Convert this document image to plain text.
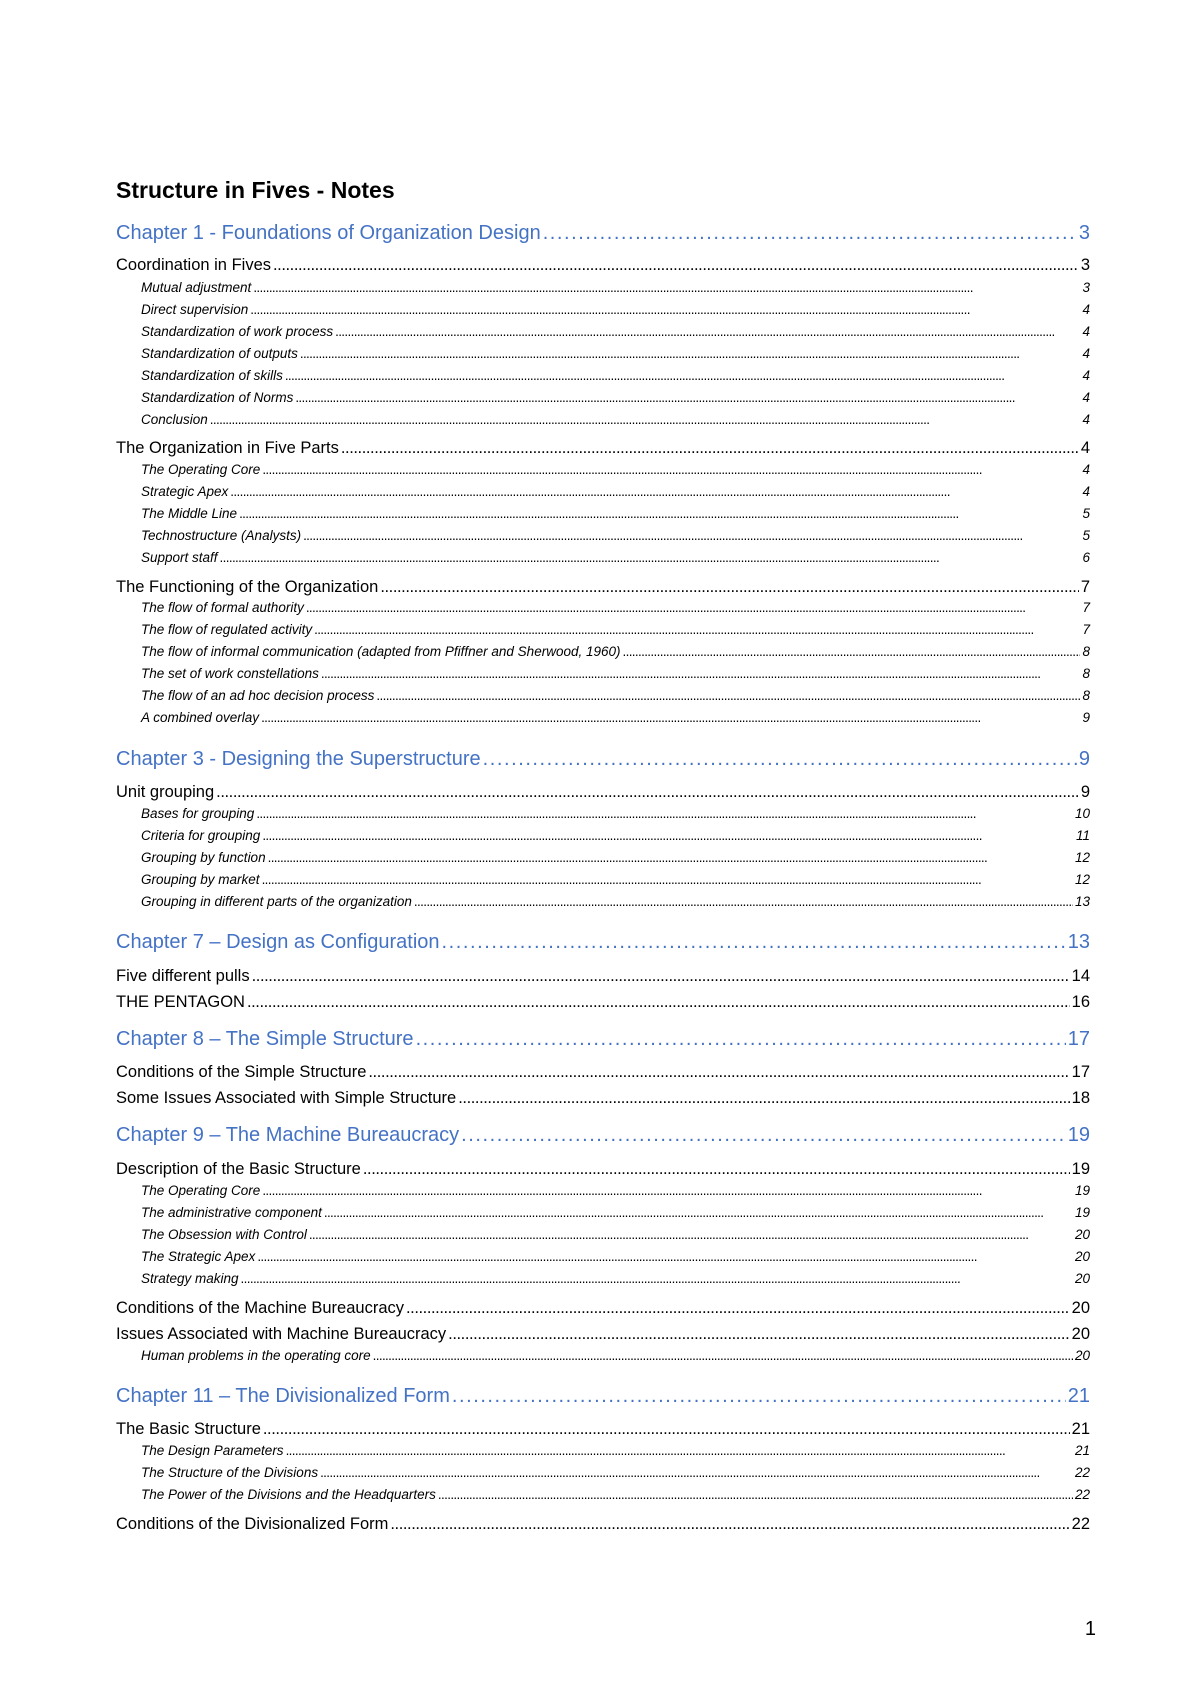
Structure in Fives - Notes
Chapter 1 - Foundations of Organization Design . . .	3
Coordination in Fives . . .	3
Mutual adjustment . . .	3
Direct supervision . . .	4
Standardization of work process . . .	4
Standardization of outputs . . .	4
Standardization of skills . . .	4
Standardization of Norms . . .	4
Conclusion . . .	4
The Organization in Five Parts . . .	4
The Operating Core . . .	4
Strategic Apex . . .	4
The Middle Line . . .	5
Technostructure (Analysts) . . .	5
Support staff . . .	6
The Functioning of the Organization . . .	7
The flow of formal authority . . .	7
The flow of regulated activity . . .	7
The flow of informal communication (adapted from Pfiffner and Sherwood, 1960) . . .	8
The set of work constellations . . .	8
The flow of an ad hoc decision process . . .	8
A combined overlay . . .	9
Chapter 3 - Designing the Superstructure . . .	9
Unit grouping . . .	9
Bases for grouping . . .	10
Criteria for grouping . . .	11
Grouping by function . . .	12
Grouping by market . . .	12
Grouping in different parts of the organization . . .	13
Chapter 7 – Design as Configuration . . .	13
Five different pulls . . .	14
THE PENTAGON . . .	16
Chapter 8 – The Simple Structure . . .	17
Conditions of the Simple Structure . . .	17
Some Issues Associated with Simple Structure . . .	18
Chapter 9 – The Machine Bureaucracy . . .	19
Description of the Basic Structure . . .	19
The Operating Core . . .	19
The administrative component . . .	19
The Obsession with Control . . .	20
The Strategic Apex . . .	20
Strategy making . . .	20
Conditions of the Machine Bureaucracy . . .	20
Issues Associated with Machine Bureaucracy . . .	20
Human problems in the operating core . . .	20
Chapter 11 – The Divisionalized Form . . .	21
The Basic Structure . . .	21
The Design Parameters . . .	21
The Structure of the Divisions . . .	22
The Power of the Divisions and the Headquarters . . .	22
Conditions of the Divisionalized Form . . .	22
1
